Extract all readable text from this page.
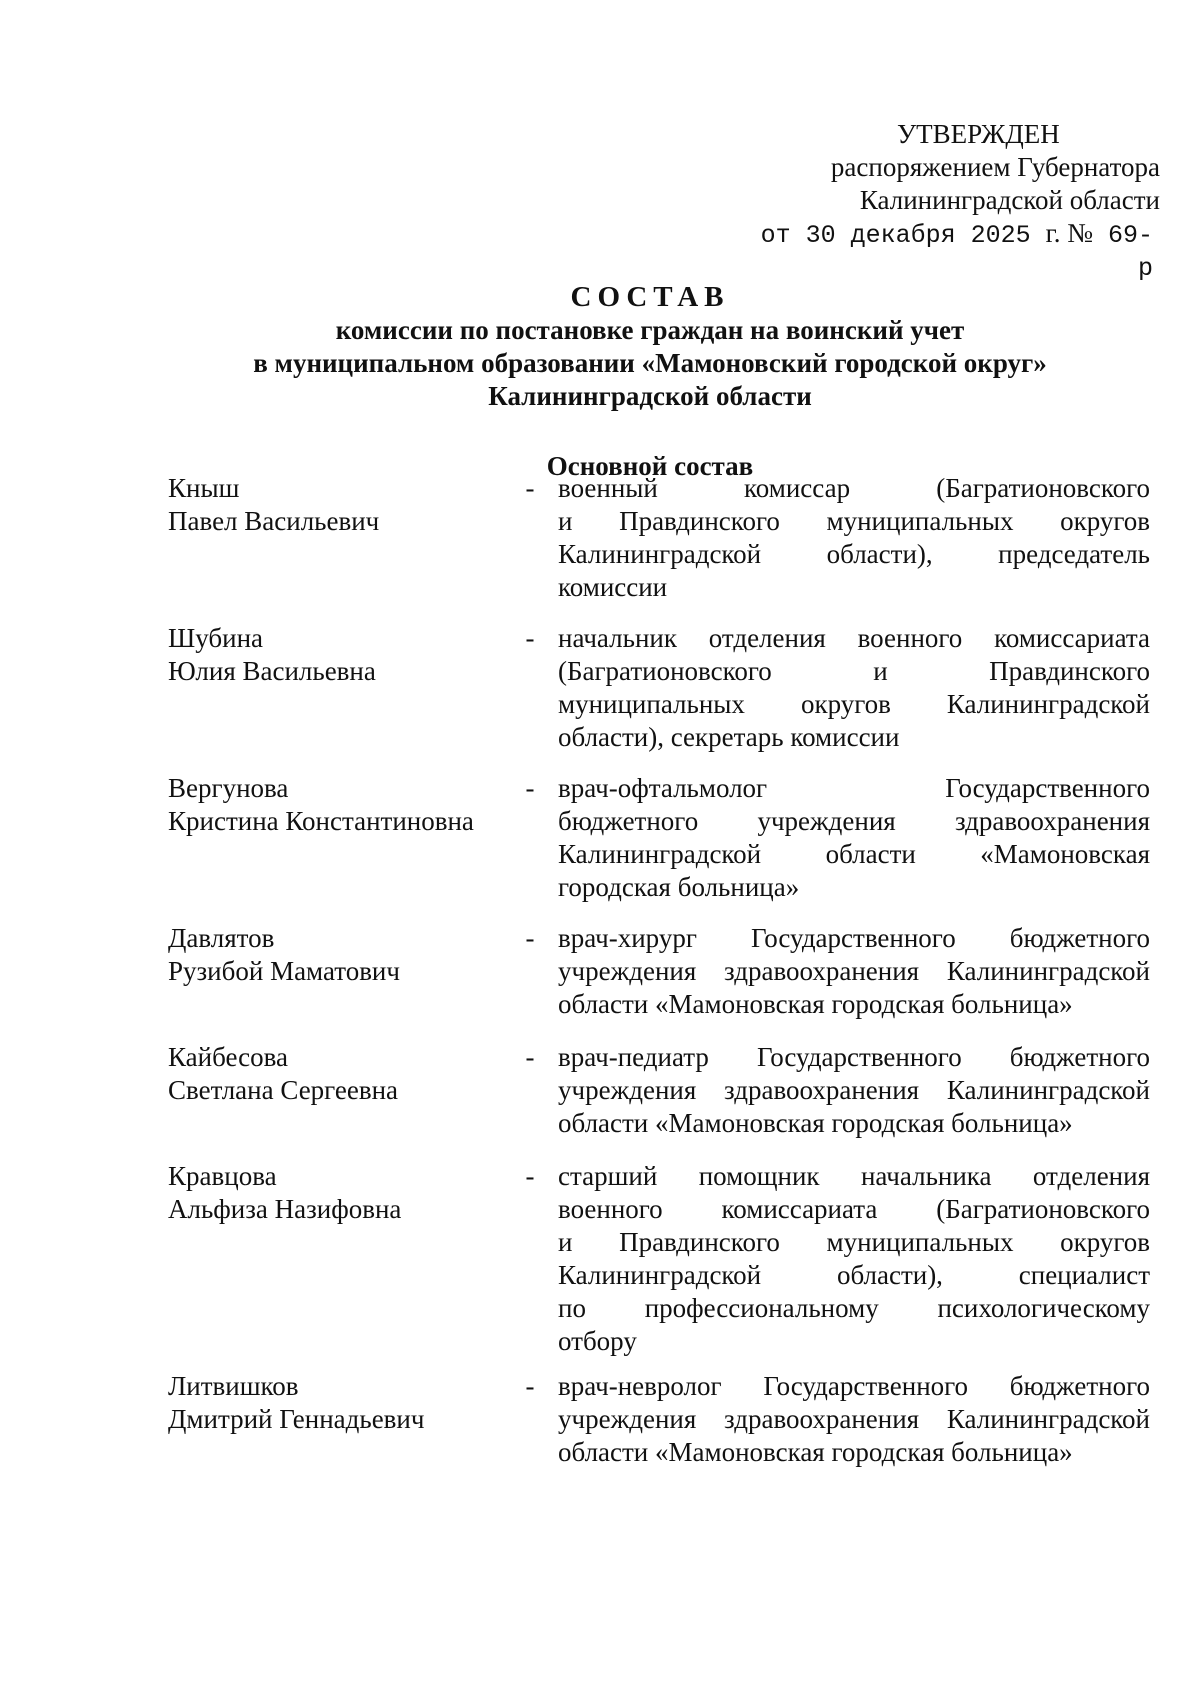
УТВЕРЖДЕН
распоряжением Губернатора
Калининградской области
от 30 декабря 2025 г. № 69-р
СОСТАВ
комиссии по постановке граждан на воинский учет
в муниципальном образовании «Мамоновский городской округ»
Калининградской области
Основной состав
Кныш
Павел Васильевич
- военный комиссар (Багратионовского
и Правдинского муниципальных округов
Калининградской области), председатель
комиссии
Шубина
Юлия Васильевна
- начальник отделения военного комиссариата
(Багратионовского и Правдинского
муниципальных округов Калининградской
области), секретарь комиссии
Вергунова
Кристина Константиновна
- врач-офтальмолог Государственного
бюджетного учреждения здравоохранения
Калининградской области «Мамоновская
городская больница»
Давлятов
Рузибой Маматович
- врач-хирург Государственного бюджетного
учреждения здравоохранения Калининградской
области «Мамоновская городская больница»
Кайбесова
Светлана Сергеевна
- врач-педиатр Государственного бюджетного
учреждения здравоохранения Калининградской
области «Мамоновская городская больница»
Кравцова
Альфиза Назифовна
- старший помощник начальника отделения
военного комиссариата (Багратионовского
и Правдинского муниципальных округов
Калининградской области), специалист
по профессиональному психологическому
отбору
Литвишков
Дмитрий Геннадьевич
- врач-невролог Государственного бюджетного
учреждения здравоохранения Калининградской
области «Мамоновская городская больница»
